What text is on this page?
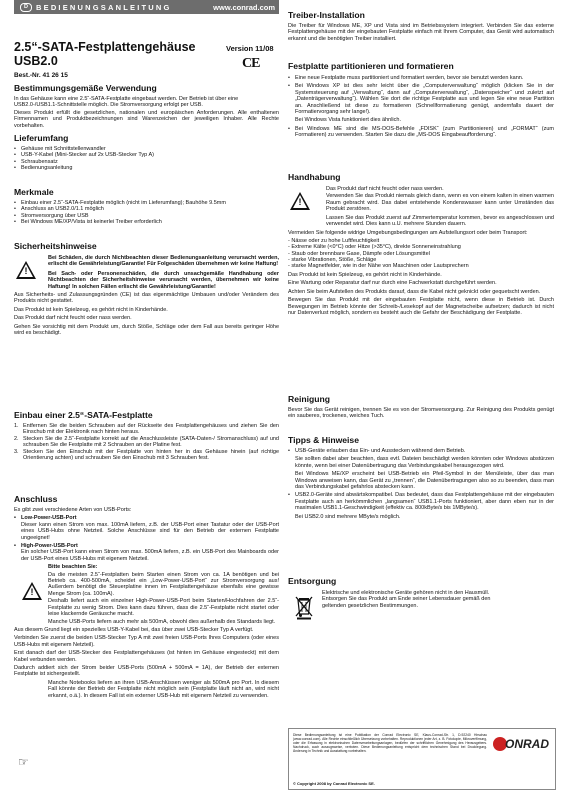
D	BEDIENUNGSANLEITUNG	www.conrad.com
2.5“-SATA-Festplattengehäuse
USB2.0
Version 11/08
CE
Best.-Nr. 41 26 15

Bestimmungsgemäße Verwendung

In das Gehäuse kann eine 2.5“-SATA-Festplatte eingebaut werden. Der Betrieb ist über eine USB2.0-/USB1.1-Schnittstelle möglich. Die Stromversorgung erfolgt per USB.

Dieses Produkt erfüllt die gesetzlichen, nationalen und europäischen Anforderungen. Alle enthaltenen Firmennamen und Produktbezeichnungen sind Warenzeichen der jeweiligen Inhaber. Alle Rechte vorbehalten.

Lieferumfang

• Gehäuse mit Schnittstellenwandler
• USB-Y-Kabel (Mini-Stecker auf 2x USB-Stecker Typ A)
• Schraubensatz
• Bedienungsanleitung

Merkmale

• Einbau einer 2.5“-SATA-Festplatte möglich (nicht im Lieferumfang); Bauhöhe 9.5mm
• Anschluss an USB2.0/1.1 möglich
• Stromversorgung über USB
• Bei Windows ME/XP/Vista ist keinerlei Treiber erforderlich

Sicherheitshinweise

!

Bei Schäden, die durch Nichtbeachten dieser Bedienungsanleitung verursacht werden, erlischt die Gewährleistung/Garantie! Für Folgeschäden übernehmen wir keine Haftung!

Bei Sach- oder Personenschäden, die durch unsachgemäße Handhabung oder Nichtbeachten der Sicherheitshinweise verursacht werden, übernehmen wir keine Haftung! In solchen Fällen erlischt die Gewährleistung/Garantie!

Aus Sicherheits- und Zulassungsgründen (CE) ist das eigenmächtige Umbauen und/oder Verändern des Produkts nicht gestattet.

Das Produkt ist kein Spielzeug, es gehört nicht in Kinderhände.

Das Produkt darf nicht feucht oder nass werden.

Gehen Sie vorsichtig mit dem Produkt um, durch Stöße, Schläge oder dem Fall aus bereits geringer Höhe wird es beschädigt.

Einbau einer 2.5“-SATA-Festplatte

1. Entfernen Sie die beiden Schrauben auf der Rückseite des Festplattengehäuses und ziehen Sie den Einschub mit der Elektronik nach hinten heraus.
2. Stecken Sie die 2.5“-Festplatte korrekt auf die Anschlussleiste (SATA-Daten-/ Stromanschluss) auf und schrauben Sie die Festplatte mit 2 Schrauben an der Platine fest.
3. Stecken Sie den Einschub mit der Festplatte von hinten her in das Gehäuse hinein (auf richtige Orientierung achten) und schrauben Sie den Einschub mit 3 Schrauben fest.

Anschluss

Es gibt zwei verschiedene Arten von USB-Ports:

• Low-Power-USB-Port

Dieser kann einen Strom von max. 100mA liefern, z.B. der USB-Port einer Tastatur oder der USB-Port eines USB-Hubs ohne Netzteil. Solche Anschlüsse sind für den Betrieb der externen Festplatte ungeeignet!

• High-Power-USB-Port

Ein solcher USB-Port kann einen Strom von max. 500mA liefern, z.B. ein USB-Port des Mainboards oder der USB-Port eines USB-Hubs mit eigenem Netzteil.

!

Bitte beachten Sie:

Da die meisten 2.5“-Festplatten beim Starten einen Strom von ca. 1A benötigen und bei Betrieb ca. 400-500mA, scheidet ein „Low-Power-USB-Port“ zur Stromversorgung aus! Außerdem benötigt die Steuerplatine innen im Festplattengehäuse ebenfalls eine gewisse Menge Strom (ca. 100mA).

Deshalb liefert auch ein einzelner High-Power-USB-Port beim Starten/Hochfahren der 2.5“-Festplatte zu wenig Strom. Dies kann dazu führen, dass die 2.5“-Festplatte nicht startet oder leise klackernde Geräusche macht.

Manche USB-Ports liefern auch mehr als 500mA, obwohl dies außerhalb des Standards liegt.

Aus diesem Grund liegt ein spezielles USB-Y-Kabel bei, das über zwei USB-Stecker Typ A verfügt.

Verbinden Sie zuerst die beiden USB-Stecker Typ A mit zwei freien USB-Ports Ihres Computers (oder eines USB-Hubs mit eigenem Netzteil).

Erst danach darf der USB-Stecker des Festplattengehäuses (ist hinten im Gehäuse eingesteckt) mit dem Kabel verbunden werden.

Dadurch addiert sich der Strom beider USB-Ports (500mA + 500mA = 1A), der Betrieb der externen Festplatte ist sichergestellt.

☞

Manche Notebooks liefern an ihren USB-Anschlüssen weniger als 500mA pro Port. In diesem Fall könnte der Betrieb der Festplatte nicht möglich sein (Festplatte läuft nicht an, wird nicht erkannt, o.ä.). In diesem Fall ist ein externer USB-Hub mit eigenem Netzteil zu verwenden.

Treiber-Installation

Die Treiber für Windows ME, XP und Vista sind im Betriebssystem integriert. Verbinden Sie das externe Festplattengehäuse mit der eingebauten Festplatte einfach mit Ihrem Computer, das Gerät wird automatisch erkannt und die benötigten Treiber installiert.

Festplatte partitionieren und formatieren

• Eine neue Festplatte muss partitioniert und formatiert werden, bevor sie benutzt werden kann.
• Bei Windows XP ist dies sehr leicht über die „Computerverwaltung“ möglich (klicken Sie in der Systemsteuerung auf „Verwaltung“, dann auf „Computerverwaltung“, „Datenspeicher“ und zuletzt auf „Datenträgerverwaltung“). Wählen Sie dort die richtige Festplatte aus und legen Sie eine neue Partition an. Anschließend ist diese zu formatieren (Schnellformatierung genügt, andernfalls dauert der Formatiervorgang sehr lange!).

Bei Windows Vista funktioniert dies ähnlich.

• Bei Windows ME sind die MS-DOS-Befehle „FDISK“ (zum Partitionieren) und „FORMAT“ (zum Formatieren) zu verwenden. Starten Sie dazu die „MS-DOS Eingabeaufforderung“.

Handhabung

!

Das Produkt darf nicht feucht oder nass werden.

Verwenden Sie das Produkt niemals gleich dann, wenn es von einem kalten in einen warmen Raum gebracht wird. Das dabei entstehende Kondenswasser kann unter Umständen das Produkt zerstören.

Lassen Sie das Produkt zuerst auf Zimmertemperatur kommen, bevor es angeschlossen und verwendet wird. Dies kann u.U. mehrere Stunden dauern.

Vermeiden Sie folgende widrige Umgebungsbedingungen am Aufstellungsort oder beim Transport:

- Nässe oder zu hohe Luftfeuchtigkeit

- Extreme Kälte (<0°C) oder Hitze (>35°C), direkte Sonneneinstrahlung

- Staub oder brennbare Gase, Dämpfe oder Lösungsmittel

- starke Vibrationen, Stöße, Schläge

- starke Magnetfelder, wie in der Nähe von Maschinen oder Lautsprechern

Das Produkt ist kein Spielzeug, es gehört nicht in Kinderhände.

Eine Wartung oder Reparatur darf nur durch eine Fachwerkstatt durchgeführt werden.

Achten Sie beim Aufstellen des Produkts darauf, dass die Kabel nicht geknickt oder gequetscht werden.

Bewegen Sie das Produkt mit der eingebauten Festplatte nicht, wenn diese in Betrieb ist. Durch Bewegungen im Betrieb könnte der Schreib-/Lesekopf auf der Magnetscheibe aufsetzen; dadurch ist nicht nur Datenverlust möglich, sondern es besteht auch die Gefahr der Beschädigung der Festplatte.

Reinigung

Bevor Sie das Gerät reinigen, trennen Sie es von der Stromversorgung. Zur Reinigung des Produkts genügt ein sauberes, trockenes, weiches Tuch.

Tipps & Hinweise

• USB-Geräte erlauben das Ein- und Ausstecken während dem Betrieb.

Sie sollten dabei aber beachten, dass evtl. Dateien beschädigt werden könnten oder Windows abstürzen könnte, wenn bei einer Datenübertragung das Verbindungskabel herausgezogen wird.

Bei Windows ME/XP erscheint bei USB-Betrieb ein Pfeil-Symbol in der Menüleiste, über das man Windows anweisen kann, das Gerät zu „trennen“, die Datenübertragungen also so zu beenden, dass man das Verbindungskabel gefahrlos abstecken kann.

• USB2.0-Geräte sind abwärtskompatibel. Das bedeutet, dass das Festplattengehäuse mit der eingebauten Festplatte auch an herkömmlichen „langsamen“ USB1.1-Ports funktioniert, aber dann eben nur in der maximalen USB1.1-Geschwindigkeit (effektiv ca. 800kByte/s bis 1MByte/s).

Bei USB2.0 sind mehrere MByte/s möglich.

Entsorgung

Elektrische und elektronische Geräte gehören nicht in den Hausmüll. Entsorgen Sie das Produkt am Ende seiner Lebensdauer gemäß den geltenden gesetzlichen Bestimmungen.

Diese Bedienungsanleitung ist eine Publikation der Conrad Electronic SE, Klaus-Conrad-Str. 1, D-92240 Hirschau (www.conrad.com). Alle Rechte einschließlich Übersetzung vorbehalten. Reproduktionen jeder Art, z. B. Fotokopie, Mikroverfilmung, oder die Erfassung in elektronischen Datenverarbeitungsanlagen, bedürfen der schriftlichen Genehmigung des Herausgebers. Nachdruck, auch auszugsweise, verboten. Diese Bedienungsanleitung entspricht dem technischen Stand bei Drucklegung. Änderung in Technik und Ausstattung vorbehalten.
ONRAD
© Copyright 2008 by Conrad Electronic SE.
